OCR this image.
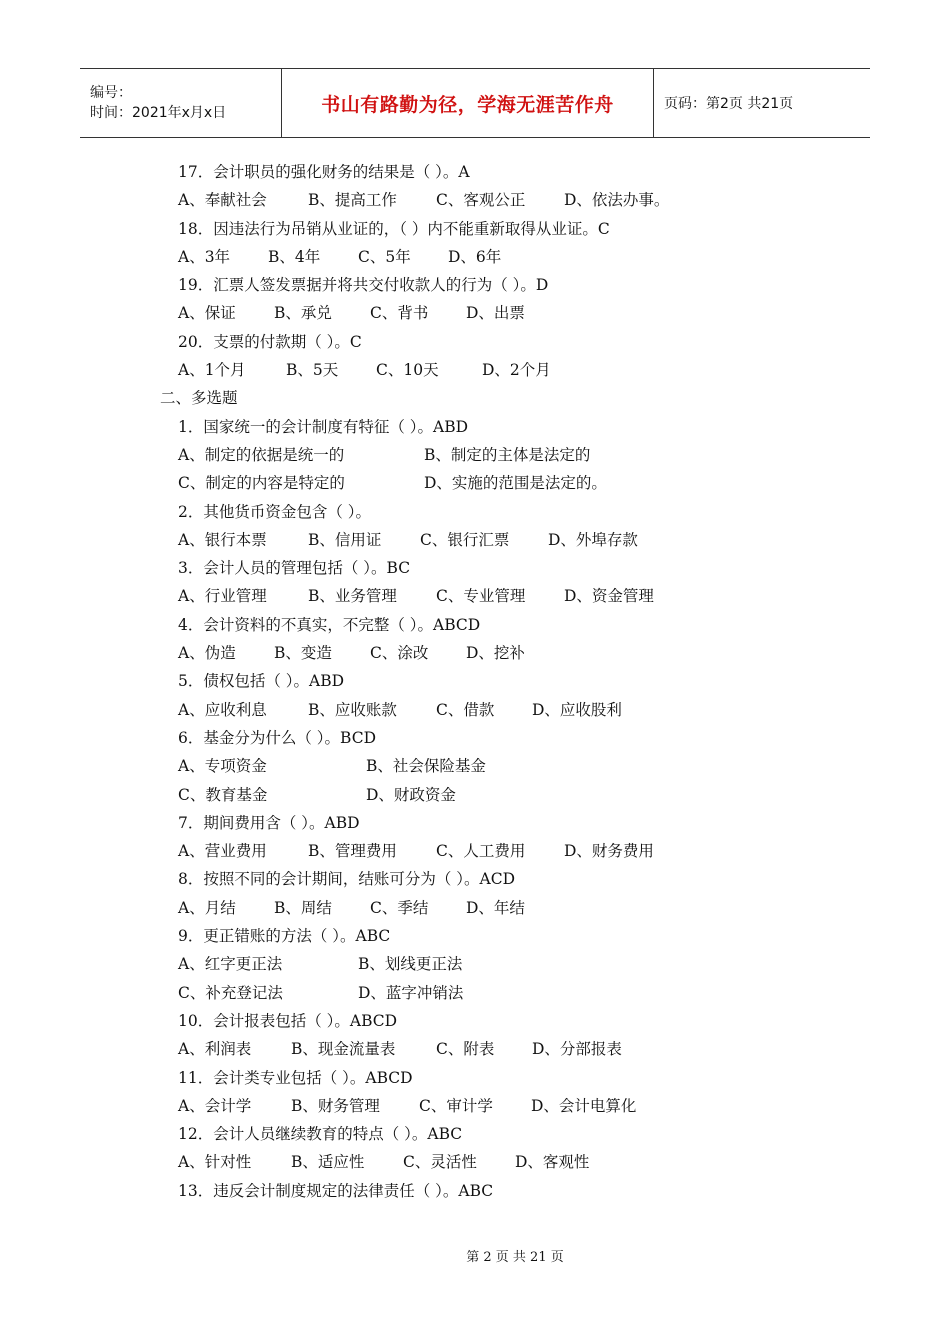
编号：
时间：2021年x月x日	书山有路勤为径，学海无涯苦作舟	页码：第2页 共21页
17．会计职员的强化财务的结果是（ ）。A
A、奉献社会	B、提高工作	C、客观公正 D、依法办事。
18．因违法行为吊销从业证的，（ ）内不能重新取得从业证。C
A、3年 B、4年 C、5年 D、6年
19．汇票人签发票据并将共交付收款人的行为（ ）。D
A、保证 B、承兑 C、背书 D、出票
20．支票的付款期（ ）。C
A、1个月	B、5天 C、10天	D、2个月
二、多选题
1．国家统一的会计制度有特征（ ）。ABD
A、制定的依据是统一的	B、制定的主体是法定的
C、制定的内容是特定的	D、实施的范围是法定的。
2．其他货币资金包含（ ）。
A、银行本票	B、信用证 C、银行汇票 D、外埠存款
3．会计人员的管理包括（ ）。BC
A、行业管理	B、业务管理	C、专业管理 D、资金管理
4．会计资料的不真实，不完整（ ）。ABCD
A、伪造 B、变造 C、涂改 D、挖补
5．债权包括（ ）。ABD
A、应收利息	B、应收账款	C、借款 D、应收股利
6．基金分为什么（ ）。BCD
A、专项资金	B、社会保险基金
C、教育基金	D、财政资金
7．期间费用含（ ）。ABD
A、营业费用	B、管理费用	C、人工费用 D、财务费用
8．按照不同的会计期间，结账可分为（ ）。ACD
A、月结 B、周结 C、季结 D、年结
9．更正错账的方法（ ）。ABC
A、红字更正法	B、划线更正法
C、补充登记法	D、蓝字冲销法
10．会计报表包括（ ）。ABCD
A、利润表	B、现金流量表	C、附表 D、分部报表
11．会计类专业包括（ ）。ABCD
A、会计学	B、财务管理	C、审计学 D、会计电算化
12．会计人员继续教育的特点（ ）。ABC
A、针对性	B、适应性 C、灵活性 D、客观性
13．违反会计制度规定的法律责任（ ）。ABC
第 2 页 共 21 页
